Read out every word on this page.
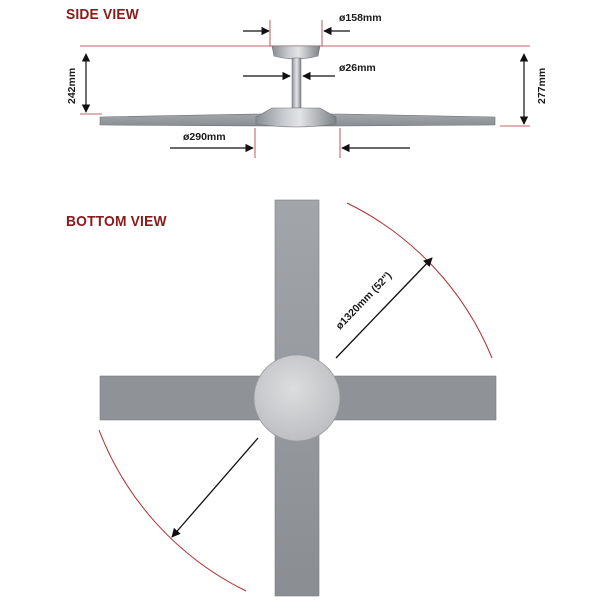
SIDE VIEW
BOTTOM VIEW
ø158mm
ø26mm
ø290mm
242mm	277mm
ø1320mm (52")
